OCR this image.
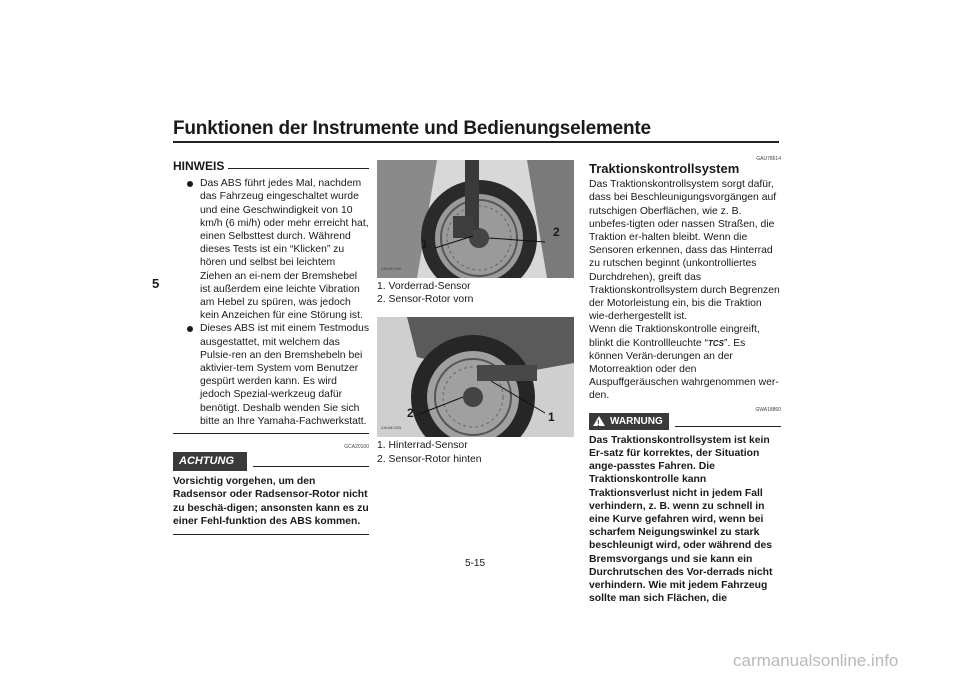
Funktionen der Instrumente und Bedienungselemente
5
HINWEIS
Das ABS führt jedes Mal, nachdem das Fahrzeug eingeschaltet wurde und eine Geschwindigkeit von 10 km/h (6 mi/h) oder mehr erreicht hat, einen Selbsttest durch. Während dieses Tests ist ein “Klicken” zu hören und selbst bei leichtem Ziehen an ei-nem der Bremshebel ist außerdem eine leichte Vibration am Hebel zu spüren, was jedoch kein Anzeichen für eine Störung ist.
Dieses ABS ist mit einem Testmodus ausgestattet, mit welchem das Pulsie-ren an den Bremshebeln bei aktivier-tem System vom Benutzer gespürt werden kann. Es wird jedoch Spezial-werkzeug dafür benötigt. Deshalb wenden Sie sich bitte an Ihre Yamaha-Fachwerkstatt.
GCA20100
ACHTUNG
Vorsichtig vorgehen, um den Radsensor oder Radsensor-Rotor nicht zu beschä-digen; ansonsten kann es zu einer Fehl-funktion des ABS kommen.
1
2
ZAUM1906
1. Vorderrad-Sensor
2. Sensor-Rotor vorn
2	1
ZAUM1905
1. Hinterrad-Sensor
2. Sensor-Rotor hinten
GAU78614
Traktionskontrollsystem
Das Traktionskontrollsystem sorgt dafür, dass bei Beschleunigungsvorgängen auf rutschigen Oberflächen, wie z. B. unbefes-tigten oder nassen Straßen, die Traktion er-halten bleibt. Wenn die Sensoren erkennen, dass das Hinterrad zu rutschen beginnt (unkontrolliertes Durchdrehen), greift das Traktionskontrollsystem durch Begrenzen der Motorleistung ein, bis die Traktion wie-derhergestellt ist.
Wenn die Traktionskontrolle eingreift, blinkt die Kontrollleuchte “TCS”. Es können Verän-derungen an der Motorreaktion oder den Auspuffgeräuschen wahrgenommen wer-den.
GWA18860
! WARNUNG
Das Traktionskontrollsystem ist kein Er-satz für korrektes, der Situation ange-passtes Fahren. Die Traktionskontrolle kann Traktionsverlust nicht in jedem Fall verhindern, z. B. wenn zu schnell in eine Kurve gefahren wird, wenn bei scharfem Neigungswinkel zu stark beschleunigt wird, oder während des Bremsvorgangs und sie kann ein Durchrutschen des Vor-derrads nicht verhindern. Wie mit jedem Fahrzeug sollte man sich Flächen, die
5-15
carmanualsonline.info
